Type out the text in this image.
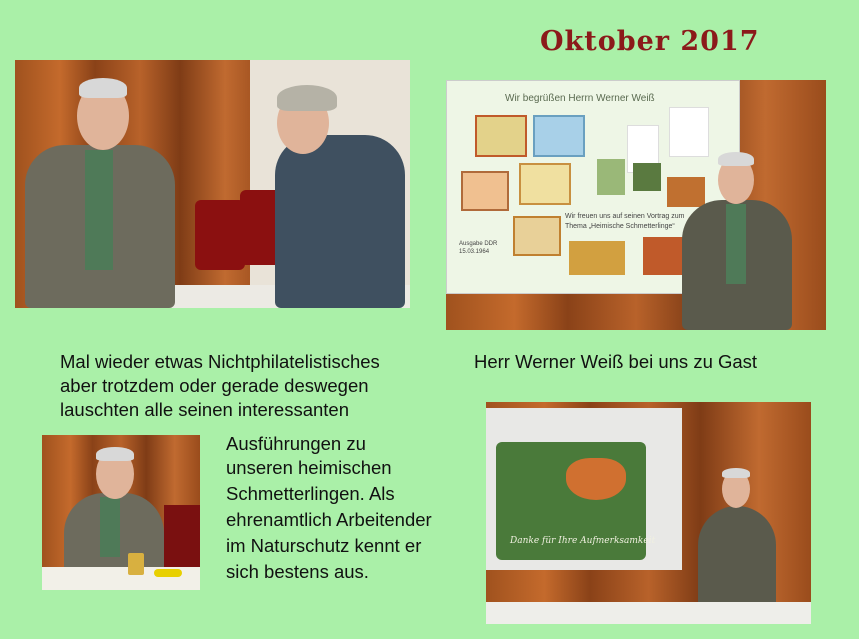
Oktober 2017
Wir begrüßen Herrn Werner Weiß
Wir freuen uns auf seinen Vortrag zum
Thema „Heimische Schmetterlinge“
Ausgabe DDR
15.03.1964
Mal wieder etwas Nichtphilatelistisches
aber trotzdem oder gerade deswegen
lauschten alle seinen interessanten
Ausführungen zu
unseren heimischen
Schmetterlingen. Als
ehrenamtlich Arbeitender
im Naturschutz kennt er
sich bestens aus.
Herr Werner Weiß bei uns zu Gast
Danke für Ihre Aufmerksamkeit
